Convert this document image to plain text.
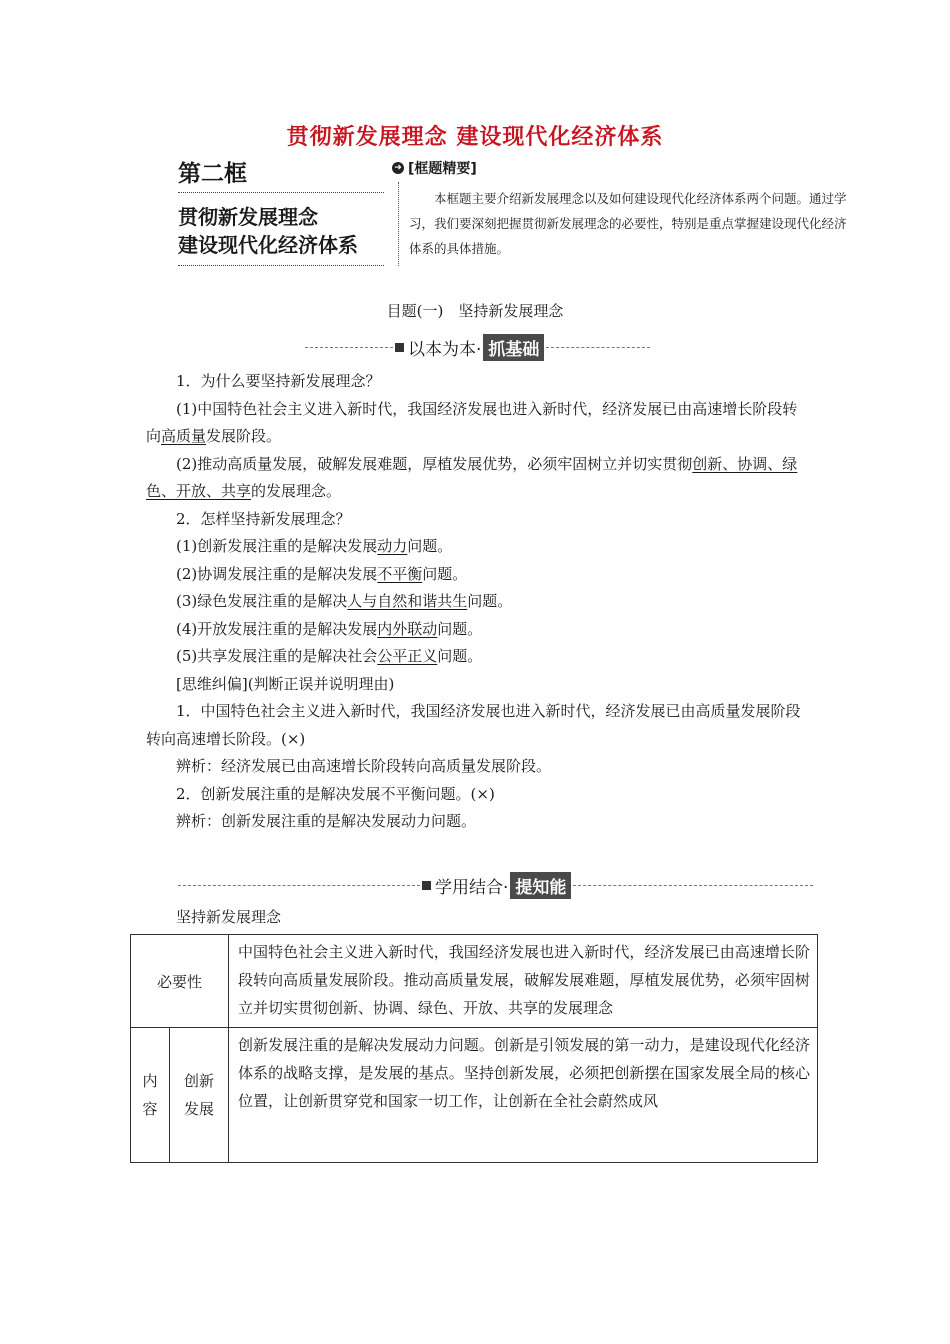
贯彻新发展理念 建设现代化经济体系
第二框
贯彻新发展理念
建设现代化经济体系
➜ [框题精要]
本框题主要介绍新发展理念以及如何建设现代化经济体系两个问题。通过学习，我们要深刻把握贯彻新发展理念的必要性，特别是重点掌握建设现代化经济体系的具体措施。
目题(一)　坚持新发展理念
以本为本· 抓基础

1．为什么要坚持新发展理念？

(1)中国特色社会主义进入新时代，我国经济发展也进入新时代，经济发展已由高速增长阶段转向高质量发展阶段。

(2)推动高质量发展，破解发展难题，厚植发展优势，必须牢固树立并切实贯彻创新、协调、绿色、开放、共享的发展理念。

2．怎样坚持新发展理念？

(1)创新发展注重的是解决发展动力问题。

(2)协调发展注重的是解决发展不平衡问题。

(3)绿色发展注重的是解决人与自然和谐共生问题。

(4)开放发展注重的是解决发展内外联动问题。

(5)共享发展注重的是解决社会公平正义问题。

[思维纠偏](判断正误并说明理由)

1．中国特色社会主义进入新时代，我国经济发展也进入新时代，经济发展已由高质量发展阶段转向高速增长阶段。(×)

辨析：经济发展已由高速增长阶段转向高质量发展阶段。

2．创新发展注重的是解决发展不平衡问题。(×)

辨析：创新发展注重的是解决发展动力问题。

学用结合· 提知能
坚持新发展理念
必要性		中国特色社会主义进入新时代，我国经济发展也进入新时代，经济发展已由高速增长阶段转向高质量发展阶段。推动高质量发展，破解发展难题，厚植发展优势，必须牢固树立并切实贯彻创新、协调、绿色、开放、共享的发展理念

内容	创新发展	创新发展注重的是解决发展动力问题。创新是引领发展的第一动力，是建设现代化经济体系的战略支撑，是发展的基点。坚持创新发展，必须把创新摆在国家发展全局的核心位置，让创新贯穿党和国家一切工作，让创新在全社会蔚然成风
